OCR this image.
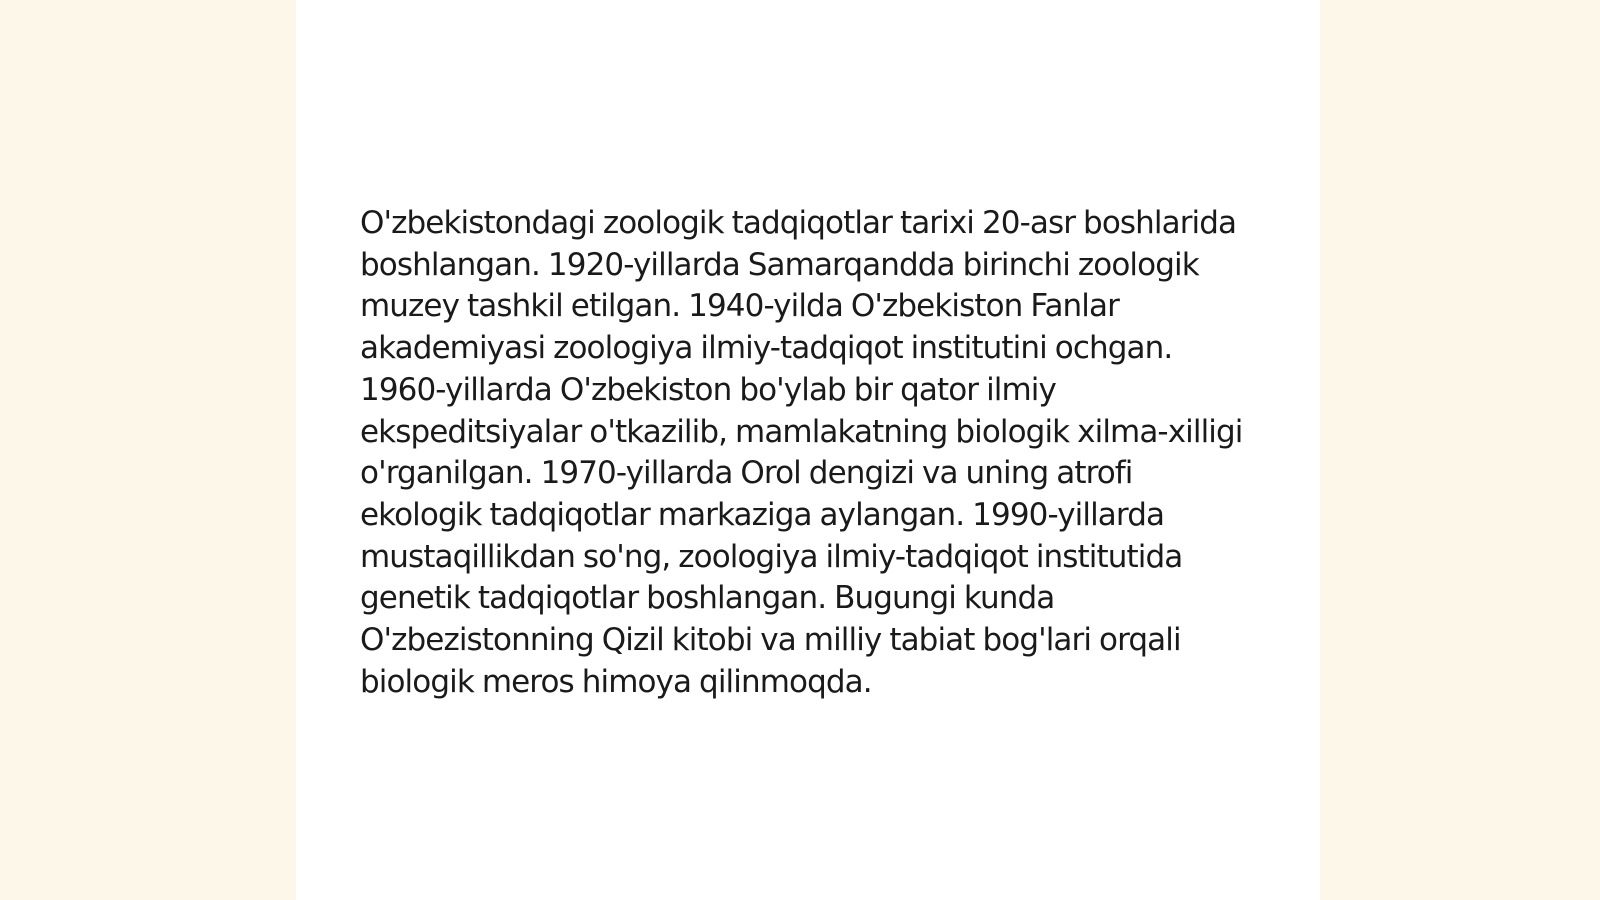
O'zbekistondagi zoologik tadqiqotlar tarixi 20-asr boshlarida boshlangan. 1920-yillarda Samarqandda birinchi zoologik muzey tashkil etilgan. 1940-yilda O'zbekiston Fanlar akademiyasi zoologiya ilmiy-tadqiqot institutini ochgan. 1960-yillarda O'zbekiston bo'ylab bir qator ilmiy ekspeditsiyalar o'tkazilib, mamlakatning biologik xilma-xilligi o'rganilgan. 1970-yillarda Orol dengizi va uning atrofi ekologik tadqiqotlar markaziga aylangan. 1990-yillarda mustaqillikdan so'ng, zoologiya ilmiy-tadqiqot institutida genetik tadqiqotlar boshlangan. Bugungi kunda O'zbezistonning Qizil kitobi va milliy tabiat bog'lari orqali biologik meros himoya qilinmoqda.
